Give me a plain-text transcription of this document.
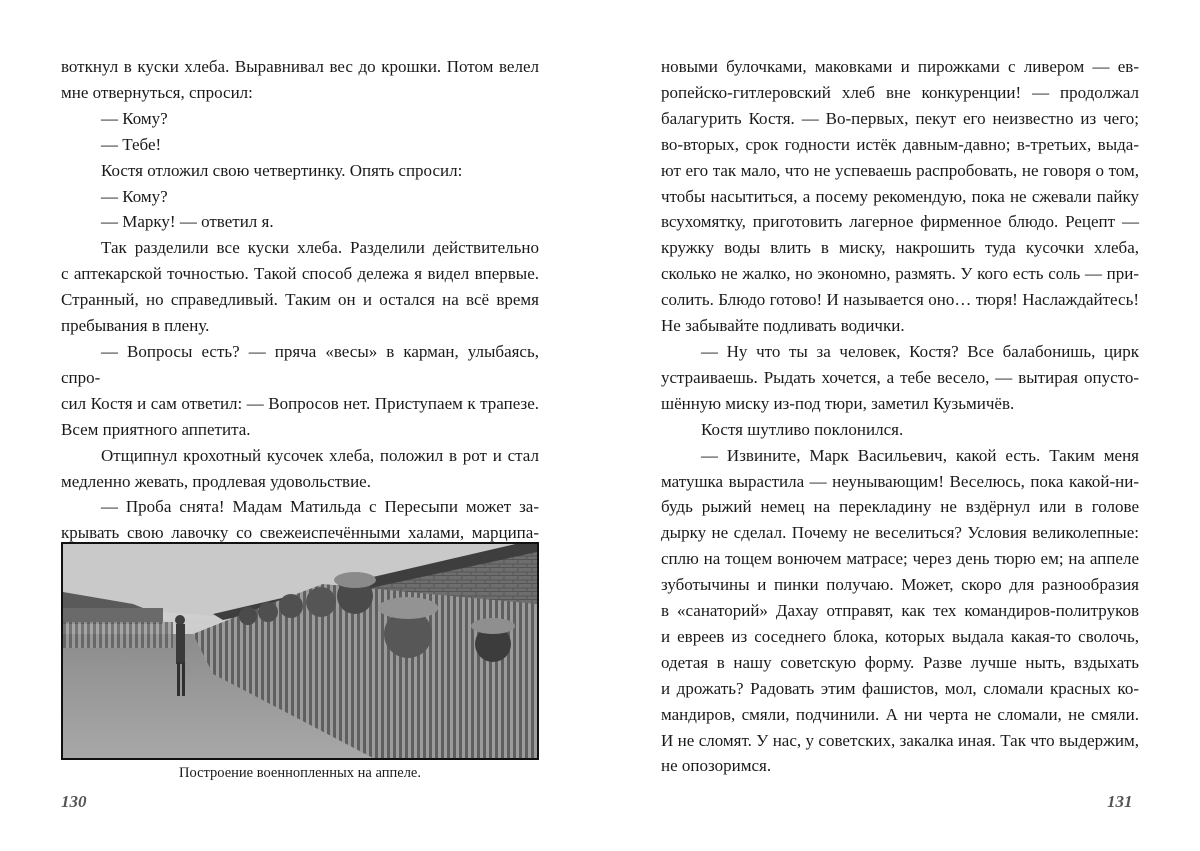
воткнул в куски хлеба. Выравнивал вес до крошки. Потом велел

мне отвернуться, спросил:

— Кому?

— Тебе!

Костя отложил свою четвертинку. Опять спросил:

— Кому?

— Марку! — ответил я.

Так разделили все куски хлеба. Разделили действительно

с аптекарской точностью. Такой способ дележа я видел впервые.

Странный, но справедливый. Таким он и остался на всё время

пребывания в плену.

— Вопросы есть? — пряча «весы» в карман, улыбаясь, спро-

сил Костя и сам ответил: — Вопросов нет. Приступаем к трапезе.

Всем приятного аппетита.

Отщипнул крохотный кусочек хлеба, положил в рот и стал

медленно жевать, продлевая удовольствие.

— Проба снята! Мадам Матильда с Пересыпи может за-

крывать свою лавочку со свежеиспечёнными халами, марципа-

Построение военнопленных на аппеле.

130

новыми булочками, маковками и пирожками с ливером — ев-

ропейско-гитлеровский хлеб вне конкуренции! — продолжал

балагурить Костя. — Во-первых, пекут его неизвестно из чего;

во-вторых, срок годности истёк давным-давно; в-третьих, выда-

ют его так мало, что не успеваешь распробовать, не говоря о том,

чтобы насытиться, а посему рекомендую, пока не сжевали пайку

всухомятку, приготовить лагерное фирменное блюдо. Рецепт —

кружку воды влить в миску, накрошить туда кусочки хлеба,

сколько не жалко, но экономно, размять. У кого есть соль — при-

солить. Блюдо готово! И называется оно… тюря! Наслаждайтесь!

Не забывайте подливать водички.

— Ну что ты за человек, Костя? Все балабонишь, цирк

устраиваешь. Рыдать хочется, а тебе весело, — вытирая опусто-

шённую миску из-под тюри, заметил Кузьмичёв.

Костя шутливо поклонился.

— Извините, Марк Васильевич, какой есть. Таким меня

матушка вырастила — неунывающим! Веселюсь, пока какой-ни-

будь рыжий немец на перекладину не вздёрнул или в голове

дырку не сделал. Почему не веселиться? Условия великолепные:

сплю на тощем вонючем матрасе; через день тюрю ем; на аппеле

зуботычины и пинки получаю. Может, скоро для разнообразия

в «санаторий» Дахау отправят, как тех командиров-политруков

и евреев из соседнего блока, которых выдала какая-то сволочь,

одетая в нашу советскую форму. Разве лучше ныть, вздыхать

и дрожать? Радовать этим фашистов, мол, сломали красных ко-

мандиров, смяли, подчинили. А ни черта не сломали, не смяли.

И не сломят. У нас, у советских, закалка иная. Так что выдержим,

не опозоримся.

131
